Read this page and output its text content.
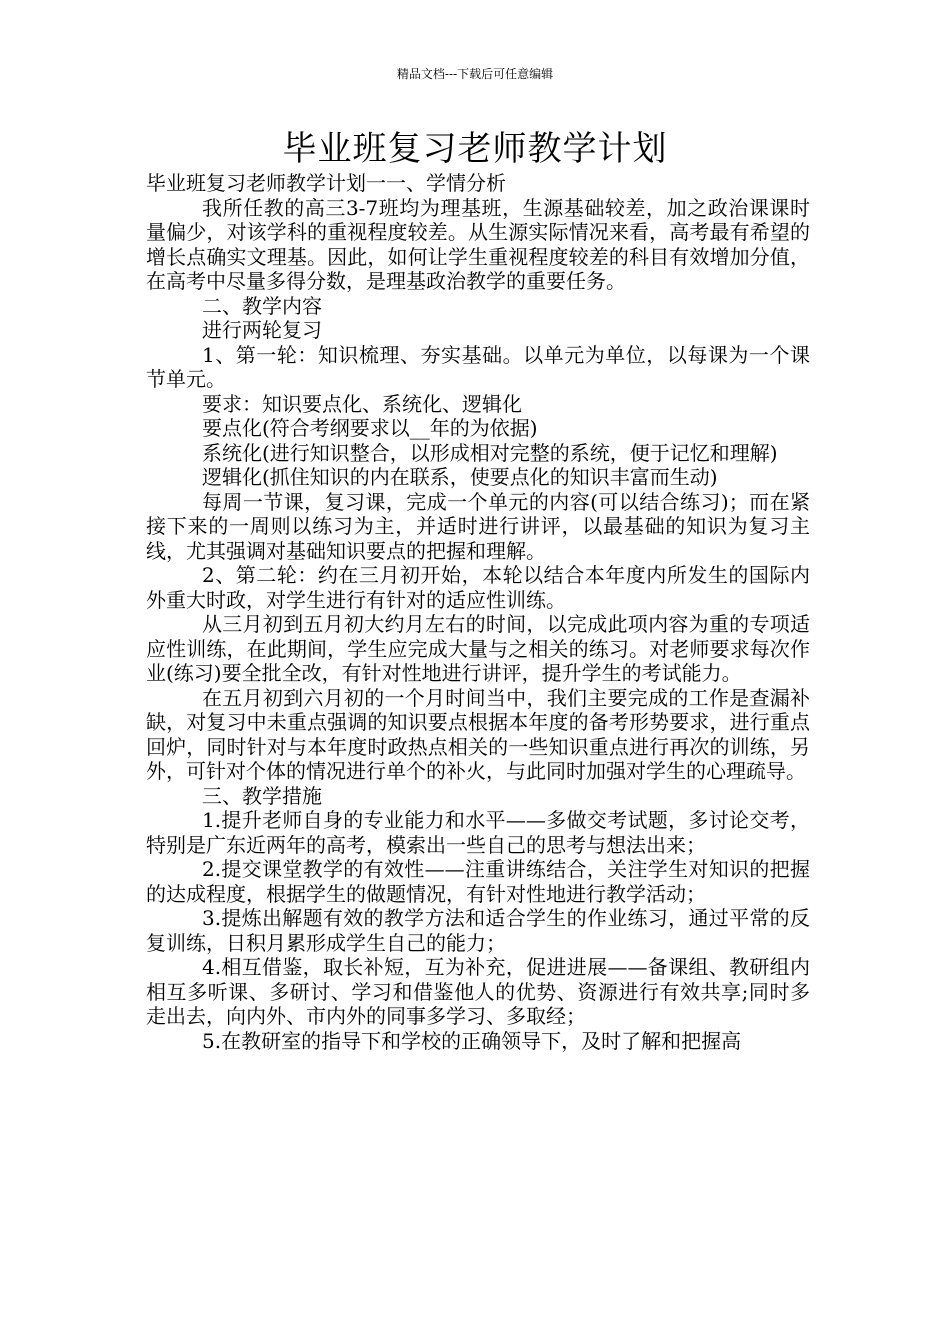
精品文档---下载后可任意编辑
毕业班复习老师教学计划

毕业班复习老师教学计划一一、学情分析

我所任教的高三3-7班均为理基班，生源基础较差，加之政治课课时量偏少，对该学科的重视程度较差。从生源实际情况来看，高考最有希望的增长点确实文理基。因此，如何让学生重视程度较差的科目有效增加分值，在高考中尽量多得分数，是理基政治教学的重要任务。

二、教学内容

进行两轮复习

1、第一轮：知识梳理、夯实基础。以单元为单位，以每课为一个课节单元。

要求：知识要点化、系统化、逻辑化

要点化(符合考纲要求以__年的为依据)

系统化(进行知识整合，以形成相对完整的系统，便于记忆和理解)

逻辑化(抓住知识的内在联系，使要点化的知识丰富而生动)

每周一节课，复习课，完成一个单元的内容(可以结合练习)；而在紧接下来的一周则以练习为主，并适时进行讲评，以最基础的知识为复习主线，尤其强调对基础知识要点的把握和理解。

2、第二轮：约在三月初开始，本轮以结合本年度内所发生的国际内外重大时政，对学生进行有针对的适应性训练。

从三月初到五月初大约月左右的时间，以完成此项内容为重的专项适应性训练，在此期间，学生应完成大量与之相关的练习。对老师要求每次作业(练习)要全批全改，有针对性地进行讲评，提升学生的考试能力。

在五月初到六月初的一个月时间当中，我们主要完成的工作是查漏补缺，对复习中未重点强调的知识要点根据本年度的备考形势要求，进行重点回炉，同时针对与本年度时政热点相关的一些知识重点进行再次的训练，另外，可针对个体的情况进行单个的补火，与此同时加强对学生的心理疏导。

三、教学措施

1.提升老师自身的专业能力和水平——多做交考试题，多讨论交考，特别是广东近两年的高考，模索出一些自己的思考与想法出来；

2.提交课堂教学的有效性——注重讲练结合，关注学生对知识的把握的达成程度，根据学生的做题情况，有针对性地进行教学活动；

3.提炼出解题有效的教学方法和适合学生的作业练习，通过平常的反复训练，日积月累形成学生自己的能力；

4.相互借鉴，取长补短，互为补充，促进进展——备课组、教研组内相互多听课、多研讨、学习和借鉴他人的优势、资源进行有效共享;同时多走出去，向内外、市内外的同事多学习、多取经；

5.在教研室的指导下和学校的正确领导下，及时了解和把握高
